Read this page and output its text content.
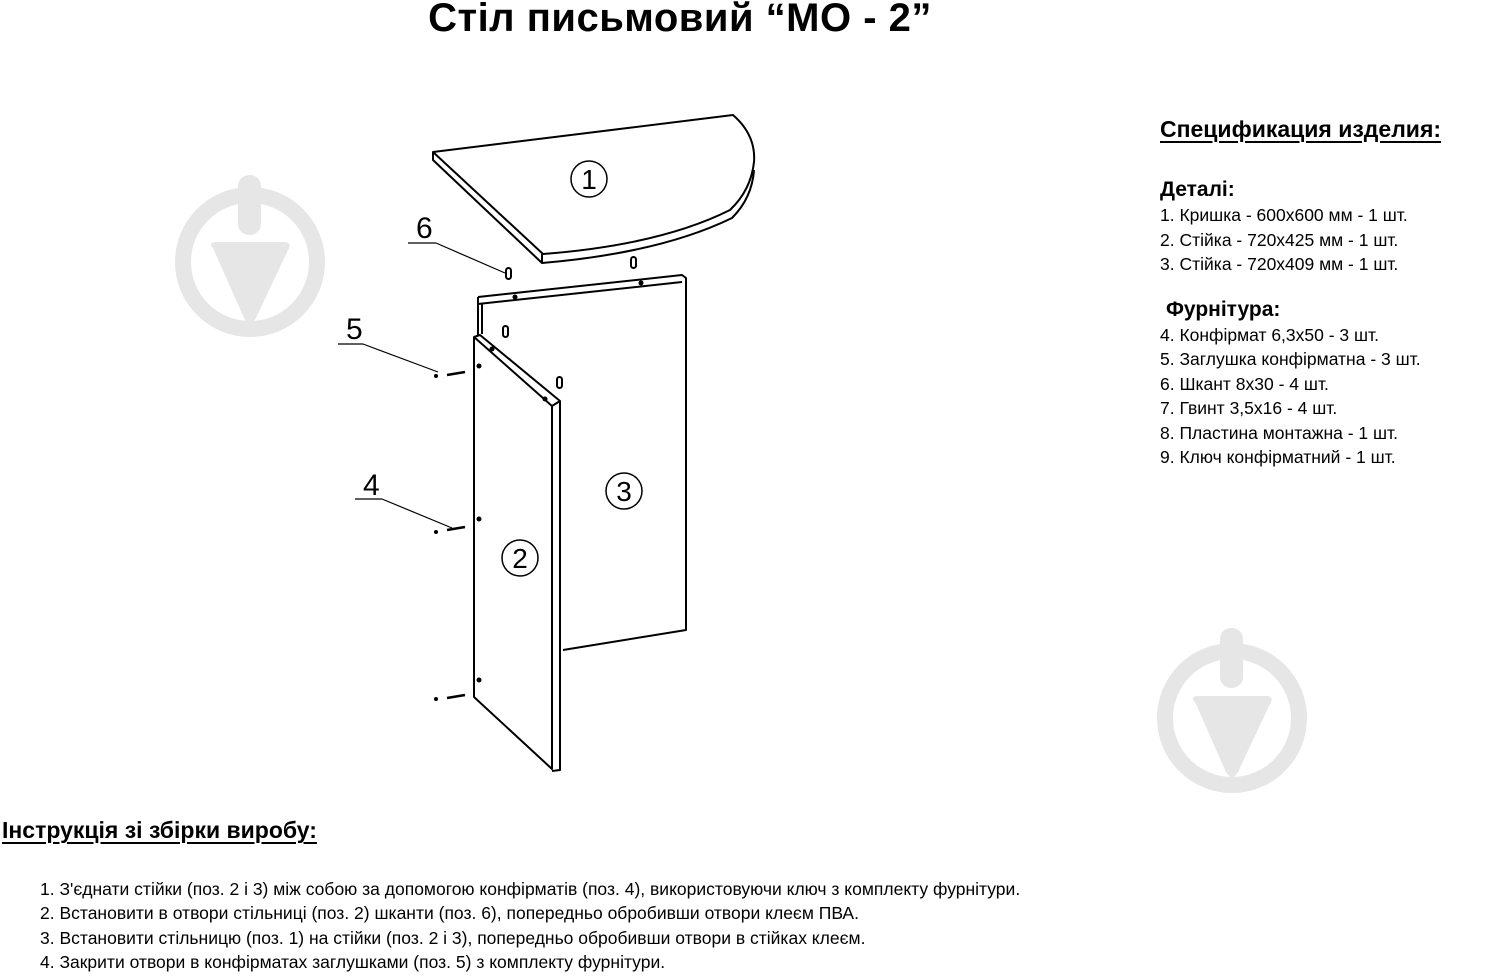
Стіл письмовий “МО - 2”
1
2
3
6
5
4
Спецификация изделия:
Деталі:
1. Кришка - 600х600 мм - 1 шт.
2. Стійка - 720х425 мм - 1 шт.
3. Стійка - 720х409 мм - 1 шт.
Фурнітура:
4. Конфірмат 6,3х50 - 3 шт.
5. Заглушка конфірматна - 3 шт.
6. Шкант 8х30 - 4 шт.
7. Гвинт 3,5х16 - 4 шт.
8. Пластина монтажна - 1 шт.
9. Ключ конфірматний - 1 шт.
Інструкція зі збірки виробу:
1. З'єднати стійки (поз. 2 і 3) між собою за допомогою конфірматів (поз. 4), використовуючи ключ з комплекту фурнітури.
2. Встановити в отвори стільниці (поз. 2) шканти (поз. 6), попередньо обробивши отвори клеєм ПВА.
3. Встановити стільницю (поз. 1) на стійки (поз. 2 і 3), попередньо обробивши отвори в стійках клеєм.
4. Закрити отвори в конфірматах заглушками (поз. 5) з комплекту фурнітури.
